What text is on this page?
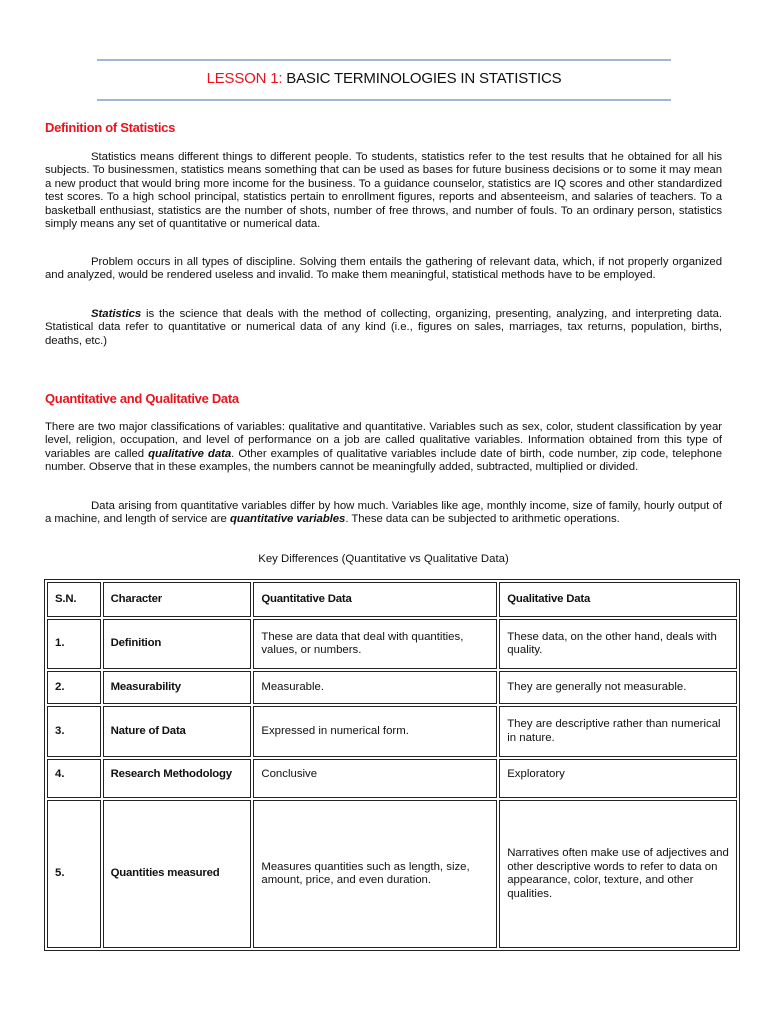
LESSON 1: BASIC TERMINOLOGIES IN STATISTICS
Definition of Statistics

Statistics means different things to different people. To students, statistics refer to the test results that he obtained for all his subjects. To businessmen, statistics means something that can be used as bases for future business decisions or to some it may mean a new product that would bring more income for the business. To a guidance counselor, statistics are IQ scores and other standardized test scores. To a high school principal, statistics pertain to enrollment figures, reports and absenteeism, and salaries of teachers. To a basketball enthusiast, statistics are the number of shots, number of free throws, and number of fouls. To an ordinary person, statistics simply means any set of quantitative or numerical data.

Problem occurs in all types of discipline. Solving them entails the gathering of relevant data, which, if not properly organized and analyzed, would be rendered useless and invalid. To make them meaningful, statistical methods have to be employed.

Statistics is the science that deals with the method of collecting, organizing, presenting, analyzing, and interpreting data. Statistical data refer to quantitative or numerical data of any kind (i.e., figures on sales, marriages, tax returns, population, births, deaths, etc.)

Quantitative and Qualitative Data

There are two major classifications of variables: qualitative and quantitative. Variables such as sex, color, student classification by year level, religion, occupation, and level of performance on a job are called qualitative variables. Information obtained from this type of variables are called qualitative data. Other examples of qualitative variables include date of birth, code number, zip code, telephone number. Observe that in these examples, the numbers cannot be meaningfully added, subtracted, multiplied or divided.

Data arising from quantitative variables differ by how much. Variables like age, monthly income, size of family, hourly output of a machine, and length of service are quantitative variables. These data can be subjected to arithmetic operations.

Key Differences (Quantitative vs Qualitative Data)
S.N.	Character	Quantitative Data	Qualitative Data
1.	Definition	These are data that deal with quantities, values, or numbers.	These data, on the other hand, deals with quality.
2.	Measurability	Measurable.	They are generally not measurable.
3.	Nature of Data	Expressed in numerical form.	They are descriptive rather than numerical in nature.
4.	Research Methodology	Conclusive	Exploratory
5.	Quantities measured	Measures quantities such as length, size, amount, price, and even duration.	Narratives often make use of adjectives and other descriptive words to refer to data on appearance, color, texture, and other qualities.
